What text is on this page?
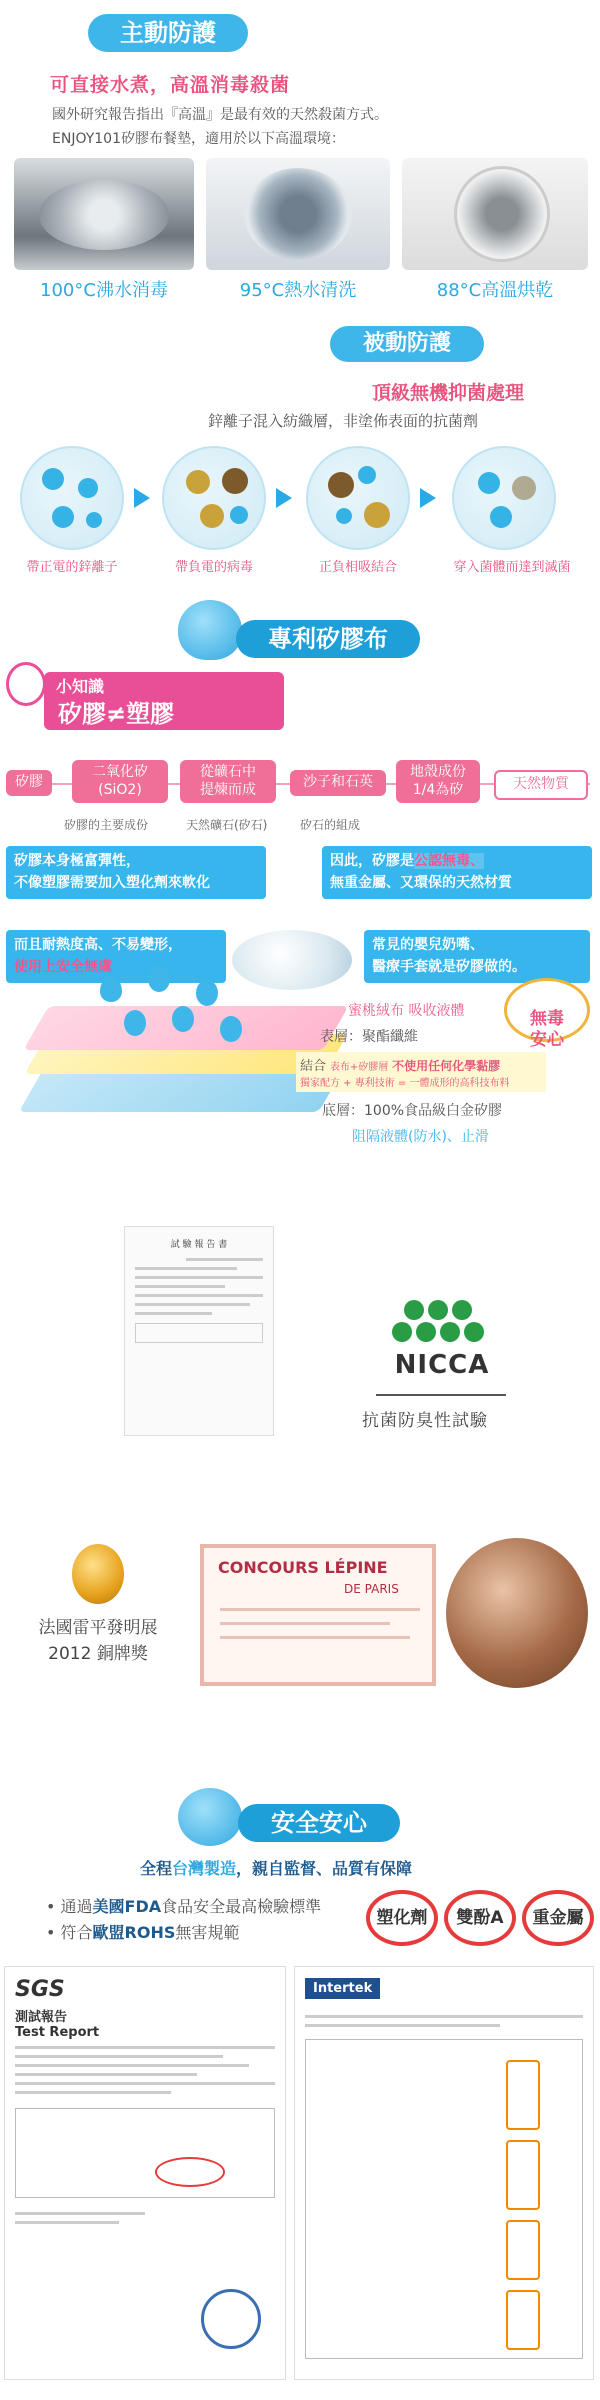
主動防護
可直接水煮，高溫消毒殺菌
國外研究報告指出『高溫』是最有效的天然殺菌方式。
ENJOY101矽膠布餐墊，適用於以下高溫環境：
100°C沸水消毒	95°C熱水清洗	88°C高溫烘乾
被動防護
頂級無機抑菌處理
鋅離子混入紡織層，非塗佈表面的抗菌劑
帶正電的鋅離子	帶負電的病毒	正負相吸結合	穿入菌體而達到滅菌
專利矽膠布
小知識
矽膠≠塑膠
矽膠
二氧化矽
(SiO2)
從礦石中
提煉而成	沙子和石英
地殼成份
1/4為矽	天然物質
矽膠的主要成份	天然礦石(矽石)	矽石的組成
矽膠本身極富彈性，
不像塑膠需要加入塑化劑來軟化
因此，矽膠是公認無毒、
無重金屬、又環保的天然材質
而且耐熱度高、不易變形，
使用上安全無虞
常見的嬰兒奶嘴、
醫療手套就是矽膠做的。
蜜桃絨布 吸收液體
表層：聚酯纖維
結合 表布+矽膠層 不使用任何化學黏膠
獨家配方 + 專利技術 = 一體成形的高科技布料
底層：100%食品級白金矽膠
阻隔液體(防水)、止滑

無毒
安心

試 驗 報 告 書
NICCA
抗菌防臭性試驗
法國雷平發明展
2012 銅牌獎
CONCOURS LÉPINE
DE PARIS
安全安心
全程台灣製造，親自監督、品質有保障
• 通過美國FDA食品安全最高檢驗標準
• 符合歐盟ROHS無害規範
塑化劑	雙酚A	重金屬
SGS
測試報告
Test Report
Intertek
